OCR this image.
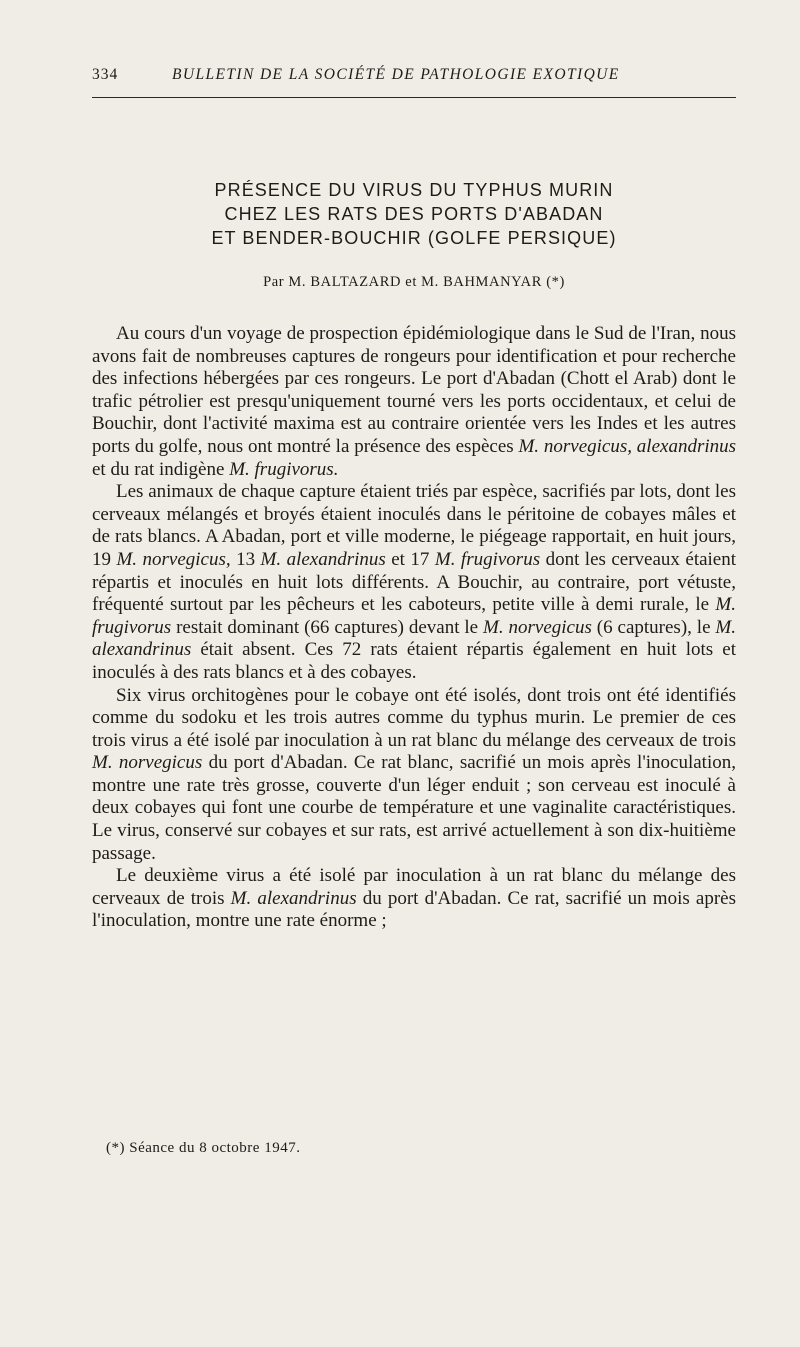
334	BULLETIN DE LA SOCIÉTÉ DE PATHOLOGIE EXOTIQUE
PRÉSENCE DU VIRUS DU TYPHUS MURIN
CHEZ LES RATS DES PORTS D'ABADAN
ET BENDER-BOUCHIR (GOLFE PERSIQUE)
Par M. BALTAZARD et M. BAHMANYAR (*)

Au cours d'un voyage de prospection épidémiologique dans le Sud de l'Iran, nous avons fait de nombreuses captures de rongeurs pour identification et pour recherche des infections hébergées par ces rongeurs. Le port d'Abadan (Chott el Arab) dont le trafic pétrolier est presqu'uniquement tourné vers les ports occidentaux, et celui de Bouchir, dont l'activité maxima est au contraire orientée vers les Indes et les autres ports du golfe, nous ont montré la présence des espèces M. norvegicus, alexandrinus et du rat indigène M. frugivorus.

Les animaux de chaque capture étaient triés par espèce, sacrifiés par lots, dont les cerveaux mélangés et broyés étaient inoculés dans le péritoine de cobayes mâles et de rats blancs. A Abadan, port et ville moderne, le piégeage rapportait, en huit jours, 19 M. norvegicus, 13 M. alexandrinus et 17 M. frugivorus dont les cerveaux étaient répartis et inoculés en huit lots différents. A Bouchir, au contraire, port vétuste, fréquenté surtout par les pêcheurs et les caboteurs, petite ville à demi rurale, le M. frugivorus restait dominant (66 captures) devant le M. norvegicus (6 captures), le M. alexandrinus était absent. Ces 72 rats étaient répartis également en huit lots et inoculés à des rats blancs et à des cobayes.

Six virus orchitogènes pour le cobaye ont été isolés, dont trois ont été identifiés comme du sodoku et les trois autres comme du typhus murin. Le premier de ces trois virus a été isolé par inoculation à un rat blanc du mélange des cerveaux de trois M. norvegicus du port d'Abadan. Ce rat blanc, sacrifié un mois après l'inoculation, montre une rate très grosse, couverte d'un léger enduit ; son cerveau est inoculé à deux cobayes qui font une courbe de température et une vaginalite caractéristiques. Le virus, conservé sur cobayes et sur rats, est arrivé actuellement à son dix-huitième passage.

Le deuxième virus a été isolé par inoculation à un rat blanc du mélange des cerveaux de trois M. alexandrinus du port d'Abadan. Ce rat, sacrifié un mois après l'inoculation, montre une rate énorme ;

(*) Séance du 8 octobre 1947.
